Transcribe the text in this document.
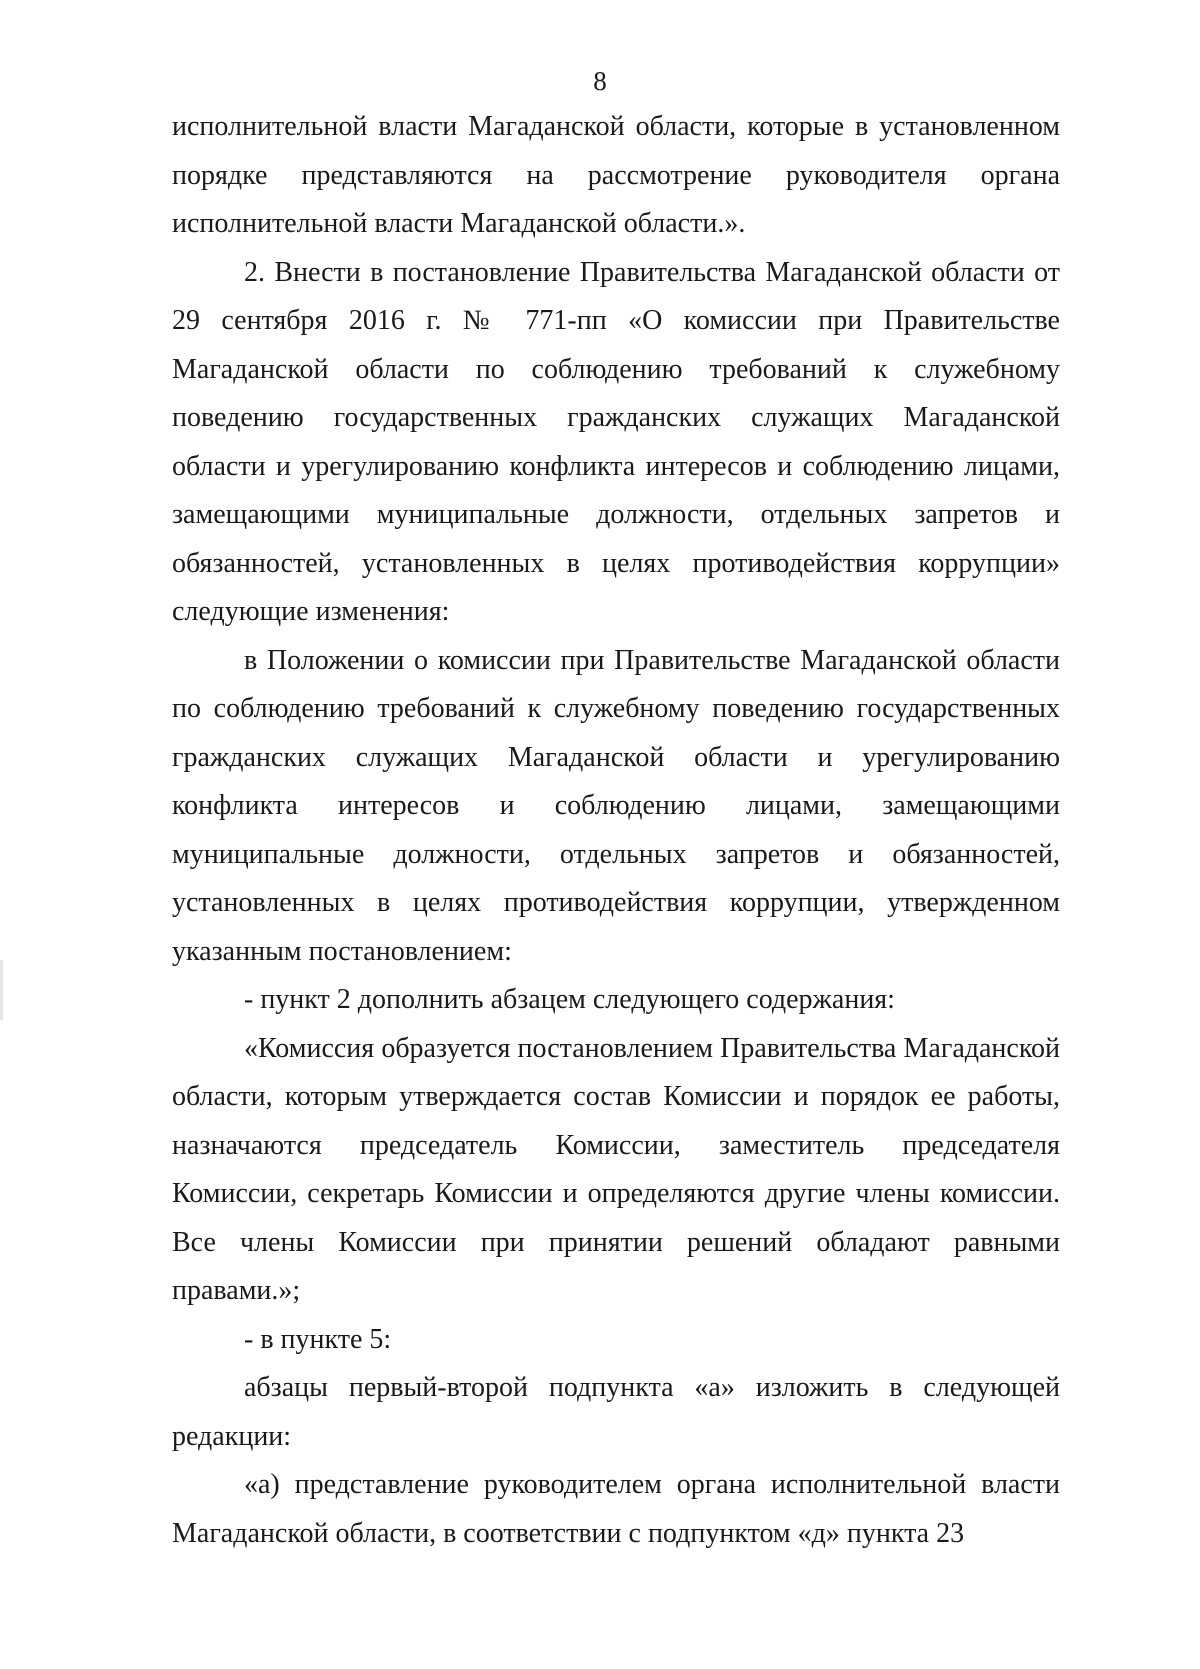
8

исполнительной власти Магаданской области, которые в установленном порядке представляются на рассмотрение руководителя органа исполнительной власти Магаданской области.».

2. Внести в постановление Правительства Магаданской области от 29 сентября 2016 г. № 771-пп «О комиссии при Правительстве Магаданской области по соблюдению требований к служебному поведению государственных гражданских служащих Магаданской области и урегулированию конфликта интересов и соблюдению лицами, замещающими муниципальные должности, отдельных запретов и обязанностей, установленных в целях противодействия коррупции» следующие изменения:

в Положении о комиссии при Правительстве Магаданской области по соблюдению требований к служебному поведению государственных гражданских служащих Магаданской области и урегулированию конфликта интересов и соблюдению лицами, замещающими муниципальные должности, отдельных запретов и обязанностей, установленных в целях противодействия коррупции, утвержденном указанным постановлением:

- пункт 2 дополнить абзацем следующего содержания:

«Комиссия образуется постановлением Правительства Магаданской области, которым утверждается состав Комиссии и порядок ее работы, назначаются председатель Комиссии, заместитель председателя Комиссии, секретарь Комиссии и определяются другие члены комиссии. Все члены Комиссии при принятии решений обладают равными правами.»;

- в пункте 5:

абзацы первый-второй подпункта «а» изложить в следующей редакции:

«а) представление руководителем органа исполнительной власти Магаданской области, в соответствии с подпунктом «д» пункта 23
